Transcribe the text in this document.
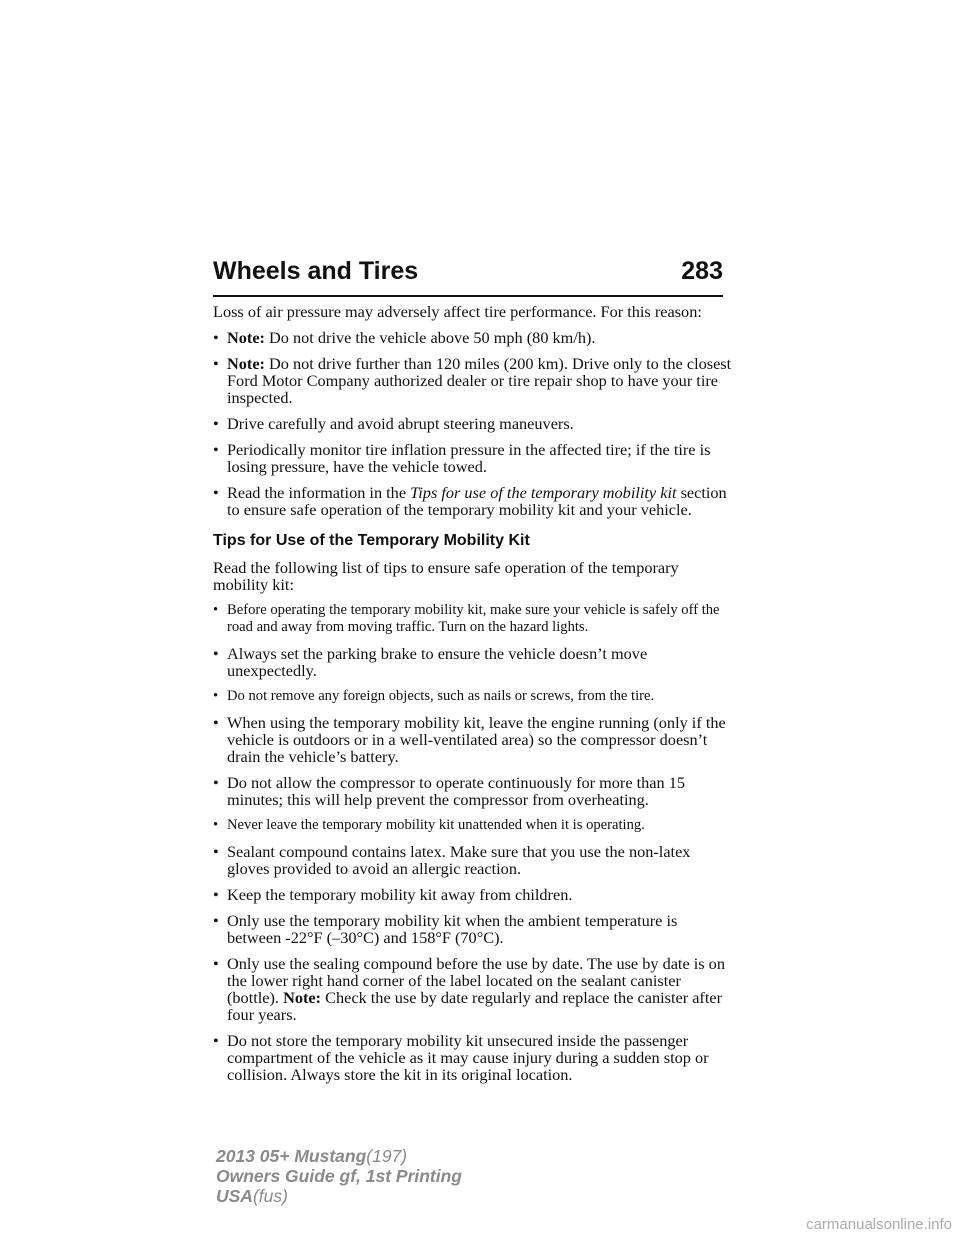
Wheels and Tires	283

Loss of air pressure may adversely affect tire performance. For this reason:

• Note: Do not drive the vehicle above 50 mph (80 km/h).
• Note: Do not drive further than 120 miles (200 km). Drive only to the closest Ford Motor Company authorized dealer or tire repair shop to have your tire inspected.
• Drive carefully and avoid abrupt steering maneuvers.
• Periodically monitor tire inflation pressure in the affected tire; if the tire is losing pressure, have the vehicle towed.
• Read the information in the Tips for use of the temporary mobility kit section to ensure safe operation of the temporary mobility kit and your vehicle.
Tips for Use of the Temporary Mobility Kit

Read the following list of tips to ensure safe operation of the temporary mobility kit:

• Before operating the temporary mobility kit, make sure your vehicle is safely off the road and away from moving traffic. Turn on the hazard lights.
• Always set the parking brake to ensure the vehicle doesn’t move unexpectedly.
• Do not remove any foreign objects, such as nails or screws, from the tire.
• When using the temporary mobility kit, leave the engine running (only if the vehicle is outdoors or in a well-ventilated area) so the compressor doesn’t drain the vehicle’s battery.
• Do not allow the compressor to operate continuously for more than 15 minutes; this will help prevent the compressor from overheating.
• Never leave the temporary mobility kit unattended when it is operating.
• Sealant compound contains latex. Make sure that you use the non-latex gloves provided to avoid an allergic reaction.
• Keep the temporary mobility kit away from children.
• Only use the temporary mobility kit when the ambient temperature is between -22°F (–30°C) and 158°F (70°C).
• Only use the sealing compound before the use by date. The use by date is on the lower right hand corner of the label located on the sealant canister (bottle). Note: Check the use by date regularly and replace the canister after four years.
• Do not store the temporary mobility kit unsecured inside the passenger compartment of the vehicle as it may cause injury during a sudden stop or collision. Always store the kit in its original location.
2013 05+ Mustang(197)
Owners Guide gf, 1st Printing
USA(fus)
carmanualsonline.info
